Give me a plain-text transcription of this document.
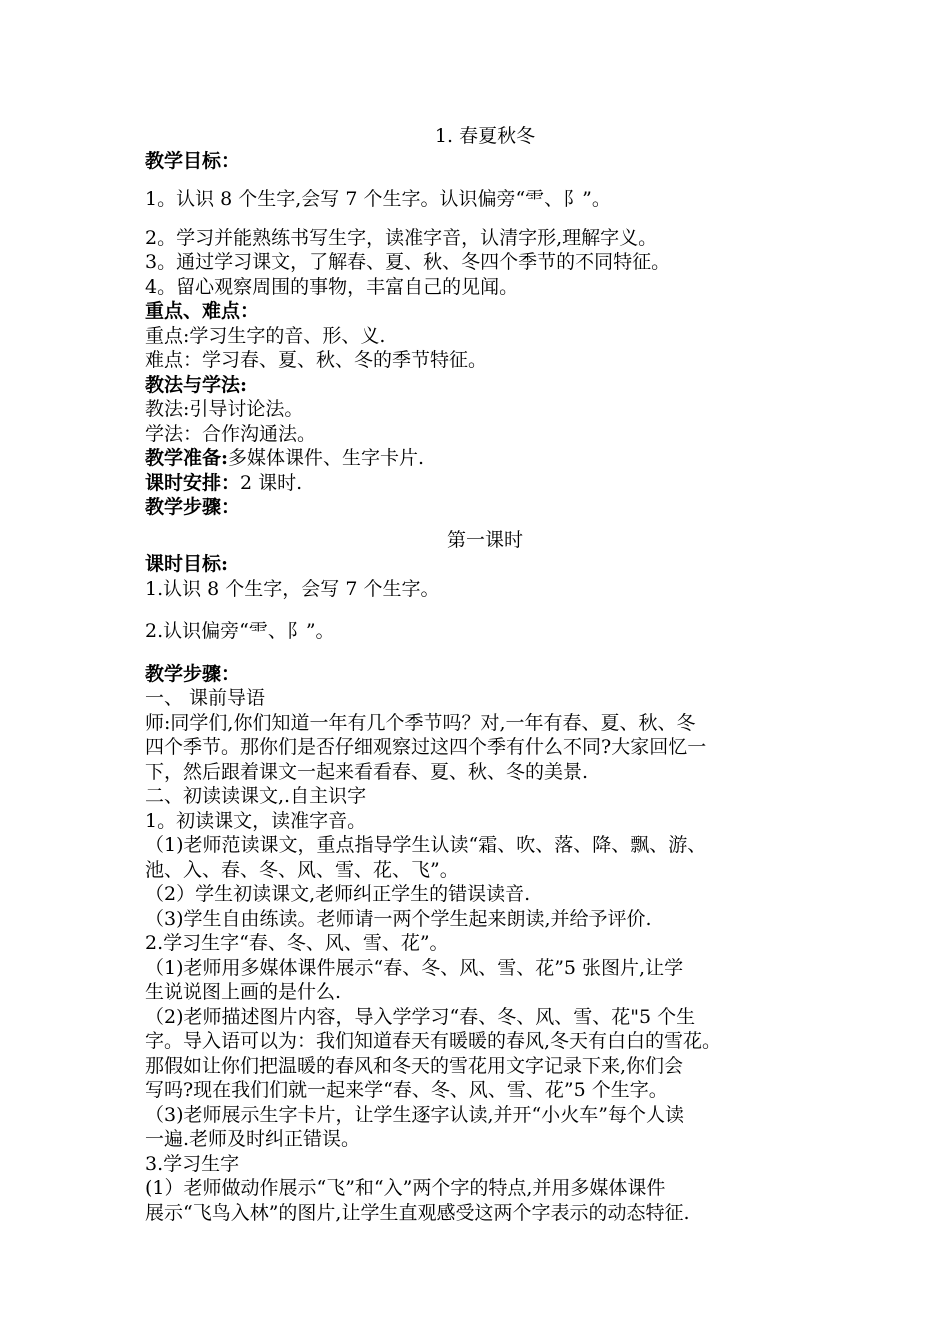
1. 春夏秋冬
教学目标：
1。认识 8 个生字,会写 7 个生字。认识偏旁“⻗、阝”。
2。学习并能熟练书写生字，读准字音，认清字形,理解字义。
3。通过学习课文，了解春、夏、秋、冬四个季节的不同特征。
4。留心观察周围的事物，丰富自己的见闻。
重点、难点：
重点:学习生字的音、形、义.
难点：学习春、夏、秋、冬的季节特征。
教法与学法:
教法:引导讨论法。
学法：合作沟通法。
教学准备:多媒体课件、生字卡片.
课时安排：2 课时.
教学步骤：
第一课时
课时目标:
1.认识 8 个生字，会写 7 个生字。
2.认识偏旁“⻗、阝”。
教学步骤：
一、 课前导语
师:同学们,你们知道一年有几个季节吗？对,一年有春、夏、秋、冬
四个季节。那你们是否仔细观察过这四个季有什么不同?大家回忆一
下，然后跟着课文一起来看看春、夏、秋、冬的美景.
二、初读读课文,.自主识字
1。初读课文，读准字音。
（1)老师范读课文，重点指导学生认读“霜、吹、落、降、飘、游、
池、入、春、冬、风、雪、花、飞”。
（2）学生初读课文,老师纠正学生的错误读音.
（3)学生自由练读。老师请一两个学生起来朗读,并给予评价.
2.学习生字“春、冬、风、雪、花”。
（1)老师用多媒体课件展示“春、冬、风、雪、花”5 张图片,让学
生说说图上画的是什么.
（2)老师描述图片内容，导入学学习“春、冬、风、雪、花"5 个生
字。导入语可以为：我们知道春天有暖暖的春风,冬天有白白的雪花。
那假如让你们把温暖的春风和冬天的雪花用文字记录下来,你们会
写吗?现在我们们就一起来学“春、冬、风、雪、花”5 个生字。
（3)老师展示生字卡片，让学生逐字认读,并开“小火车”每个人读
一遍.老师及时纠正错误。
3.学习生字
(1）老师做动作展示“飞”和“入”两个字的特点,并用多媒体课件
展示“飞鸟入林”的图片,让学生直观感受这两个字表示的动态特征.
